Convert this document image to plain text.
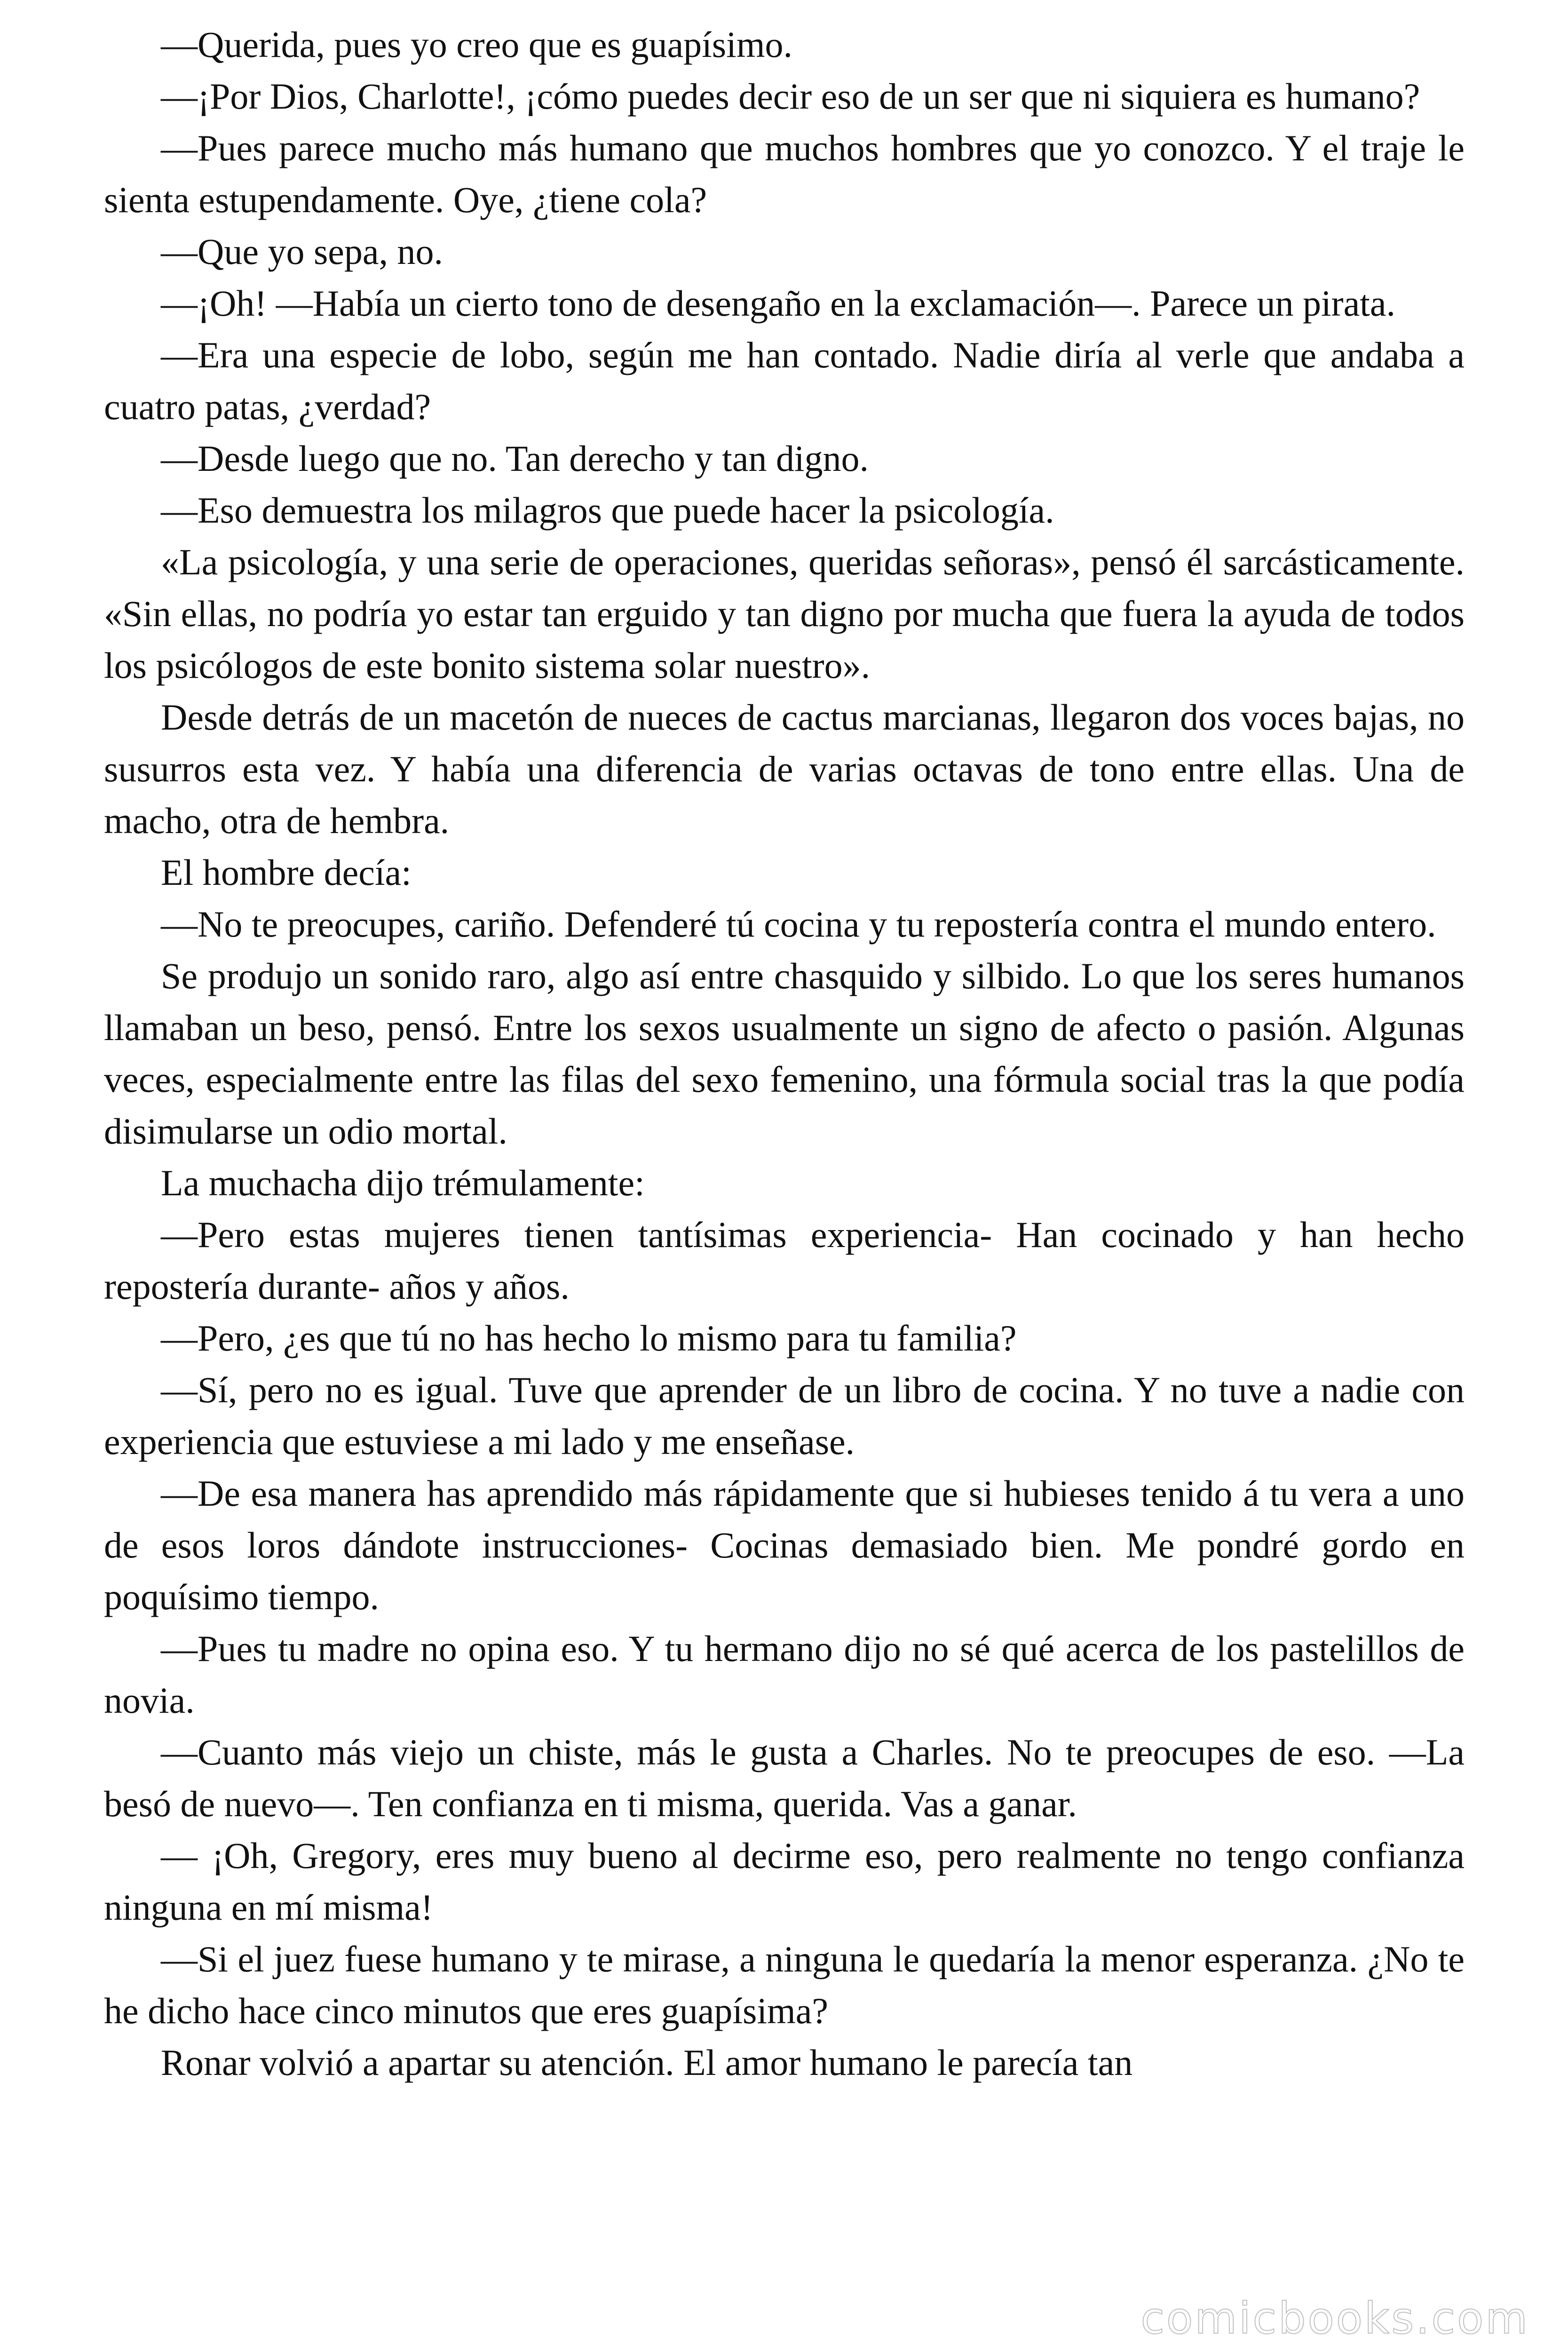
—Querida, pues yo creo que es guapísimo.

—¡Por Dios, Charlotte!, ¡cómo puedes decir eso de un ser que ni siquiera es humano?

—Pues parece mucho más humano que muchos hombres que yo conozco. Y el traje le sienta estupendamente. Oye, ¿tiene cola?

—Que yo sepa, no.

—¡Oh! —Había un cierto tono de desengaño en la exclamación—. Parece un pirata.

—Era una especie de lobo, según me han contado. Nadie diría al verle que andaba a cuatro patas, ¿verdad?

—Desde luego que no. Tan derecho y tan digno.

—Eso demuestra los milagros que puede hacer la psicología.

«La psicología, y una serie de operaciones, queridas señoras», pensó él sarcásticamente. «Sin ellas, no podría yo estar tan erguido y tan digno por mucha que fuera la ayuda de todos los psicólogos de este bonito sistema solar nuestro».

Desde detrás de un macetón de nueces de cactus marcianas, llegaron dos voces bajas, no susurros esta vez. Y había una diferencia de varias octavas de tono entre ellas. Una de macho, otra de hembra.

El hombre decía:

—No te preocupes, cariño. Defenderé tú cocina y tu repostería contra el mundo entero.

Se produjo un sonido raro, algo así entre chasquido y silbido. Lo que los seres humanos llamaban un beso, pensó. Entre los sexos usualmente un signo de afecto o pasión. Algunas veces, especialmente entre las filas del sexo femenino, una fórmula social tras la que podía disimularse un odio mortal.

La muchacha dijo trémulamente:

—Pero estas mujeres tienen tantísimas experiencia- Han cocinado y han hecho repostería durante- años y años.

—Pero, ¿es que tú no has hecho lo mismo para tu familia?

—Sí, pero no es igual. Tuve que aprender de un libro de cocina. Y no tuve a nadie con experiencia que estuviese a mi lado y me enseñase.

—De esa manera has aprendido más rápidamente que si hubieses tenido á tu vera a uno de esos loros dándote instrucciones- Cocinas demasiado bien. Me pondré gordo en poquísimo tiempo.

—Pues tu madre no opina eso. Y tu hermano dijo no sé qué acerca de los pastelillos de novia.

—Cuanto más viejo un chiste, más le gusta a Charles. No te preocupes de eso. —La besó de nuevo—. Ten confianza en ti misma, querida. Vas a ganar.

— ¡Oh, Gregory, eres muy bueno al decirme eso, pero realmente no tengo confianza ninguna en mí misma!

—Si el juez fuese humano y te mirase, a ninguna le quedaría la menor esperanza. ¿No te he dicho hace cinco minutos que eres guapísima?

Ronar volvió a apartar su atención. El amor humano le parecía tan

comicbooks.com
